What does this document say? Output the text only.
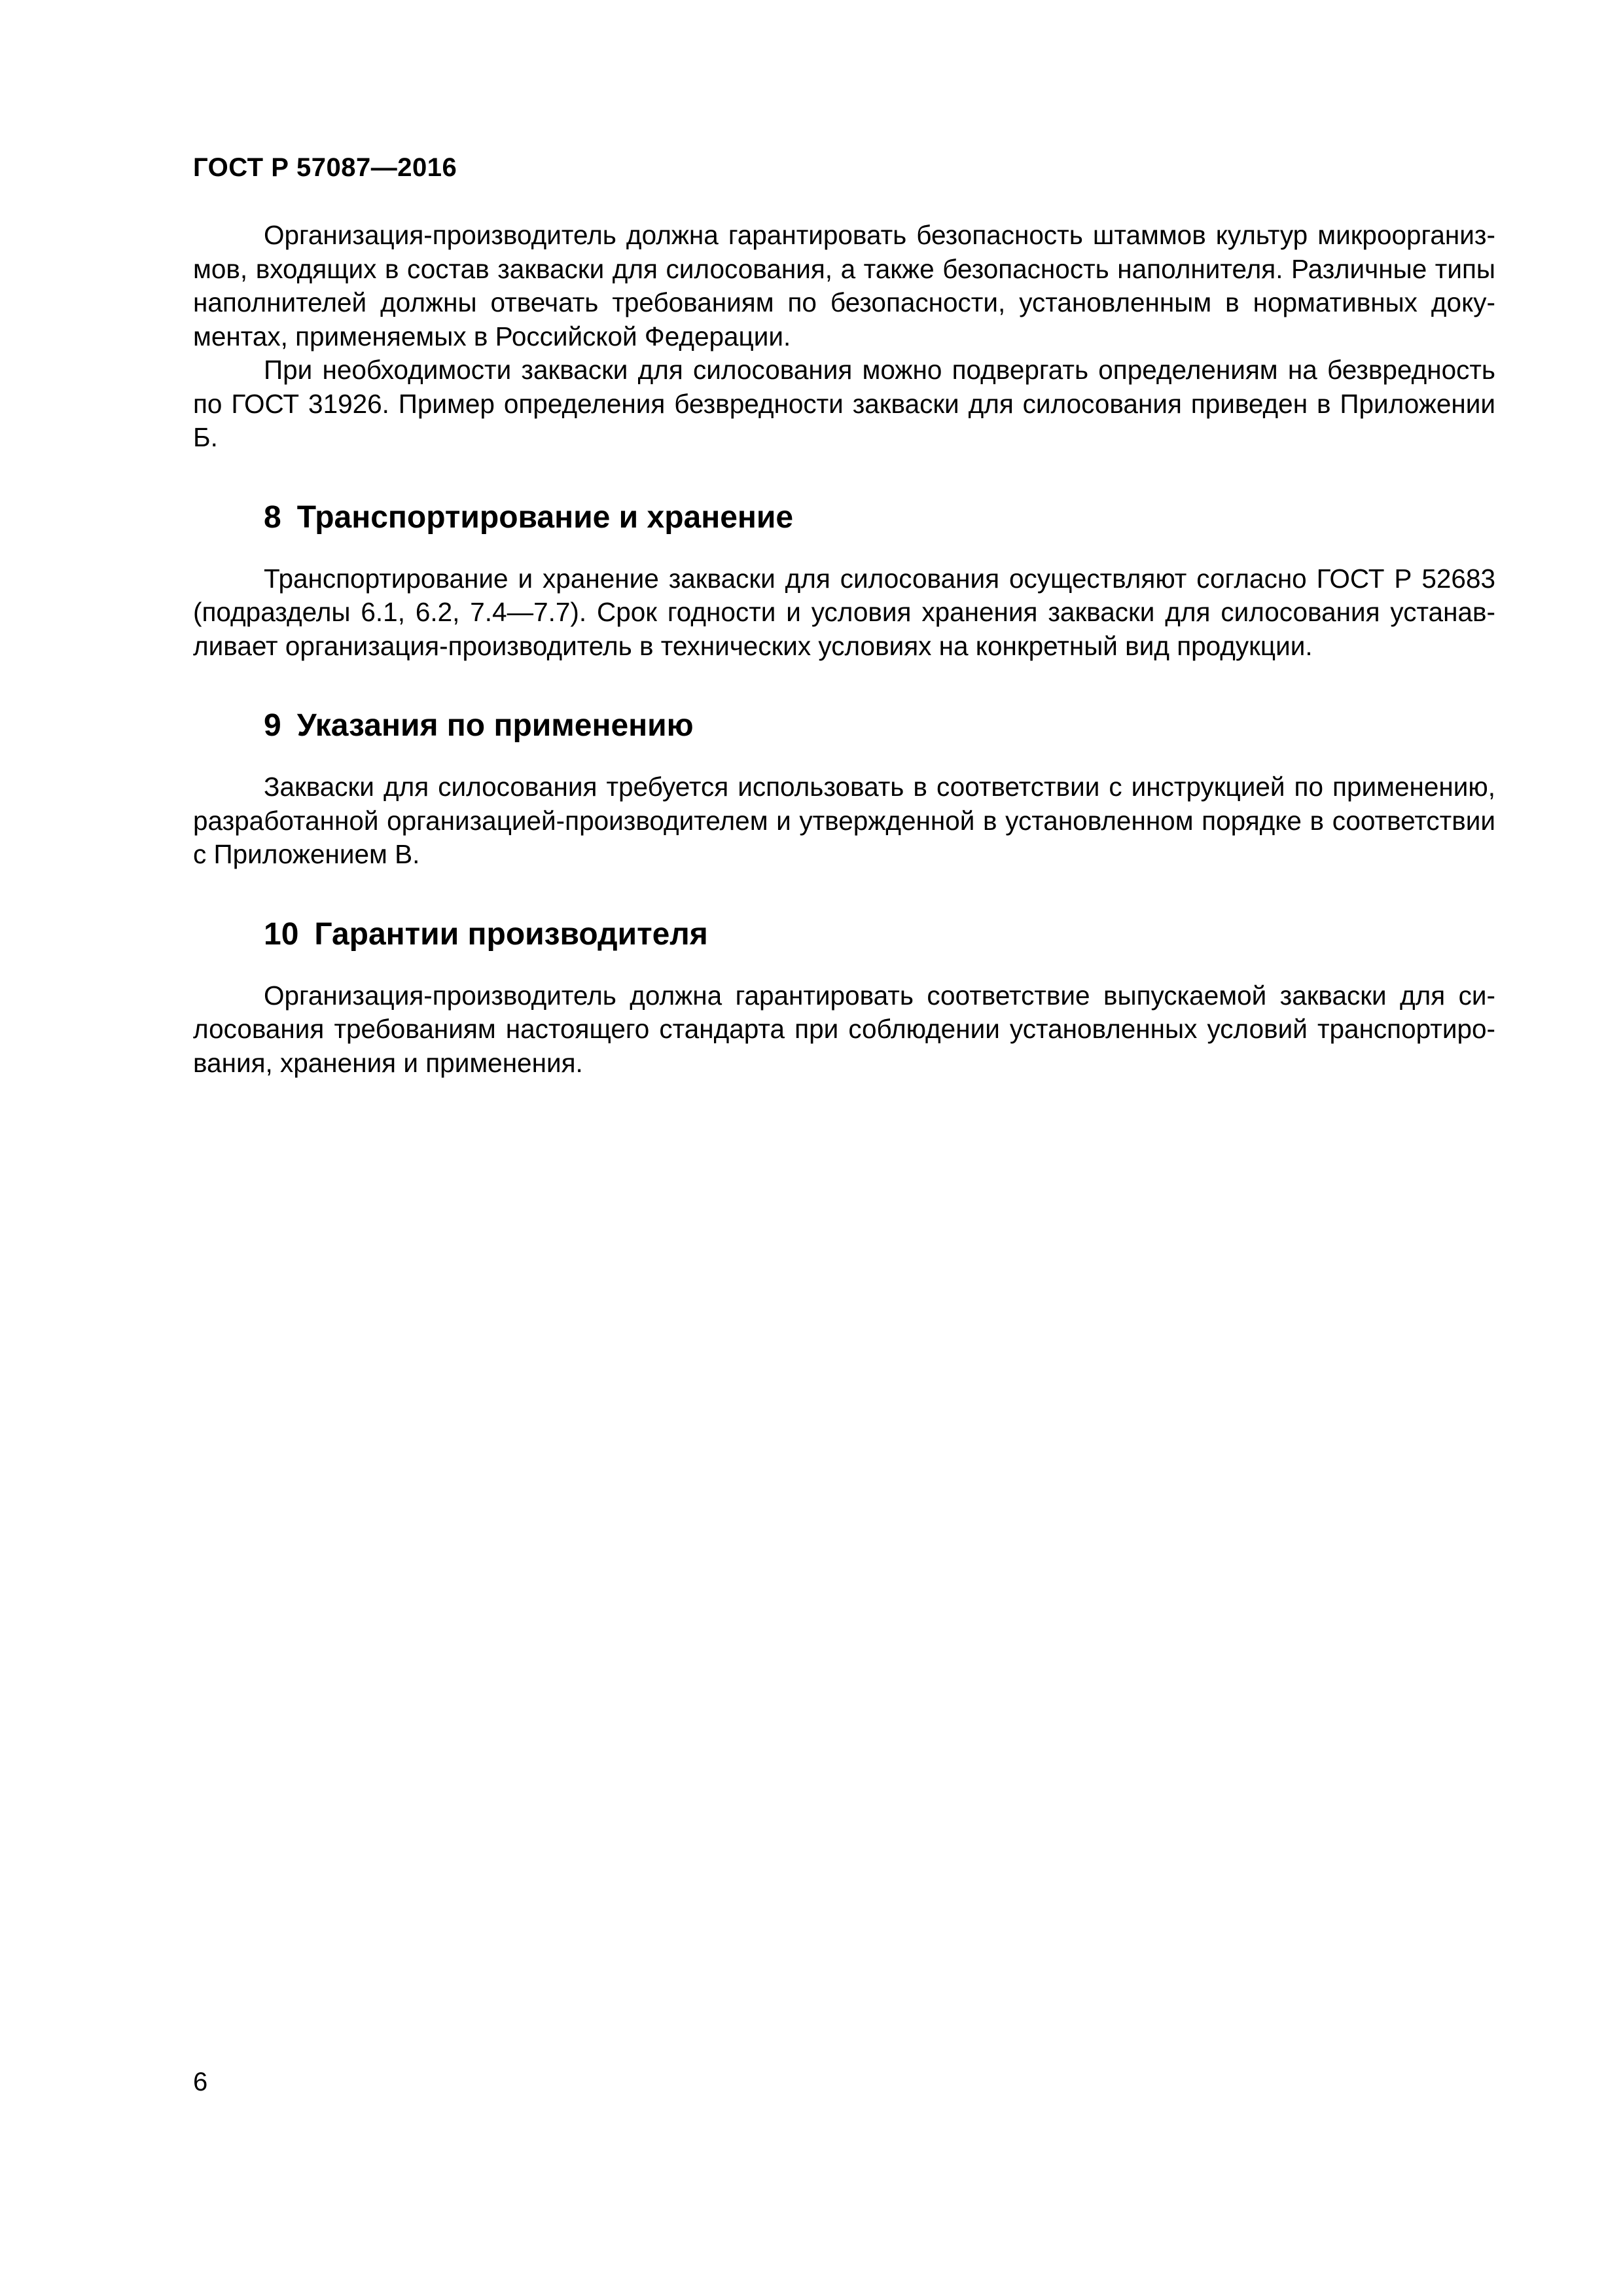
ГОСТ Р 57087—2016

Организация-производитель должна гарантировать безопасность штаммов культур микроорганизмов, входящих в состав закваски для силосования, а также безопасность наполнителя. Различные типы наполнителей должны отвечать требованиям по безопасности, установленным в нормативных документах, применяемых в Российской Федерации.

При необходимости закваски для силосования можно подвергать определениям на безвредность по ГОСТ 31926. Пример определения безвредности закваски для силосования приведен в Приложении Б.

8 Транспортирование и хранение

Транспортирование и хранение закваски для силосования осуществляют согласно ГОСТ Р 52683 (подразделы 6.1, 6.2, 7.4—7.7). Срок годности и условия хранения закваски для силосования устанавливает организация-производитель в технических условиях на конкретный вид продукции.

9 Указания по применению

Закваски для силосования требуется использовать в соответствии с инструкцией по применению, разработанной организацией-производителем и утвержденной в установленном порядке в соответствии с Приложением В.

10 Гарантии производителя

Организация-производитель должна гарантировать соответствие выпускаемой закваски для силосования требованиям настоящего стандарта при соблюдении установленных условий транспортирования, хранения и применения.

6
